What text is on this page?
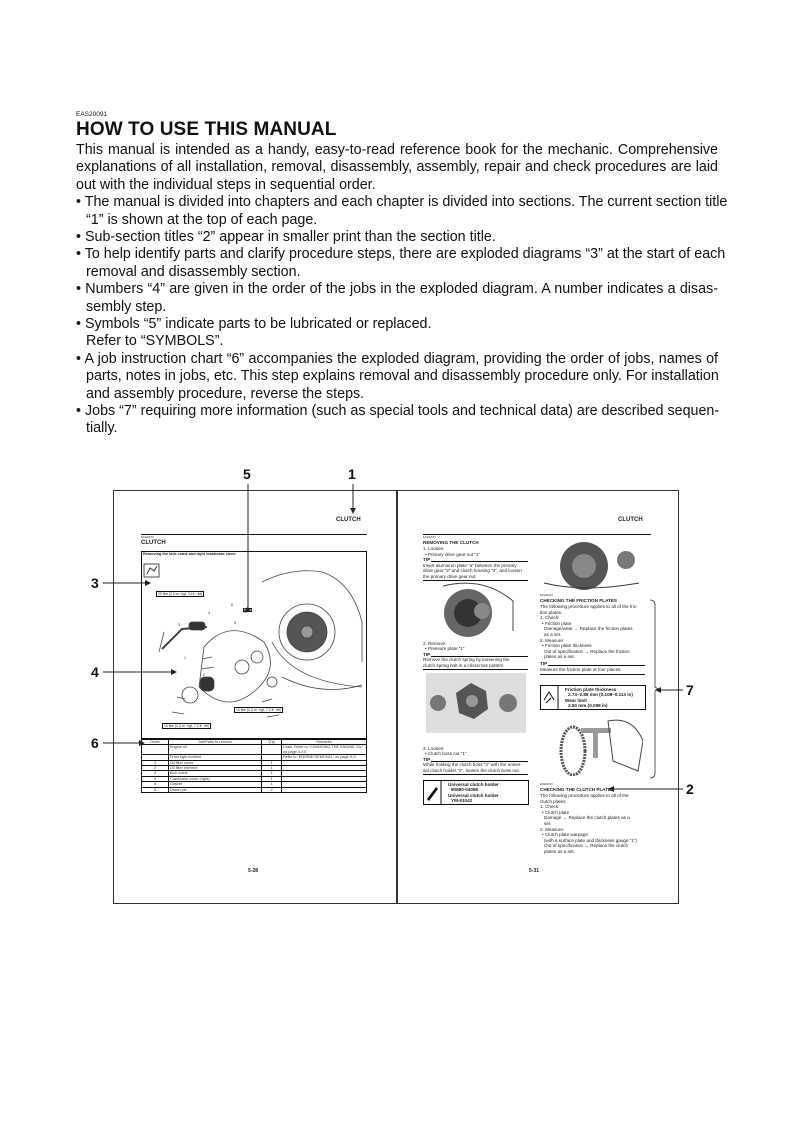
EAS20091
HOW TO USE THIS MANUAL
This manual is intended as a handy, easy-to-read reference book for the mechanic. Comprehensive
explanations of all installation, removal, disassembly, assembly, repair and check procedures are laid
out with the individual steps in sequential order.
• The manual is divided into chapters and each chapter is divided into sections. The current section title
“1” is shown at the top of each page.
• Sub-section titles “2” appear in smaller print than the section title.
• To help identify parts and clarify procedure steps, there are exploded diagrams “3” at the start of each
removal and disassembly section.
• Numbers “4” are given in the order of the jobs in the exploded diagram. A number indicates a disas-
sembly step.
• Symbols “5” indicate parts to be lubricated or replaced.
Refer to “SYMBOLS”.
• A job instruction chart “6” accompanies the exploded diagram, providing the order of jobs, names of
parts, notes in jobs, etc. This step explains removal and disassembly procedure only. For installation
and assembly procedure, reverse the steps.
• Jobs “7” requiring more information (such as special tools and technical data) are described sequen-
tially.
CLUTCH
EAS20XXX
CLUTCH
Removing the kick crank and right crankcase cover
1
2
3
4
5
6
20 Nm (2.0 m · kgf, 14 ft · lbf)
10 Nm (1.0 m · kgf, 7.2 ft · lbf)
10 Nm (1.0 m · kgf, 7.2 ft · lbf)
New
Order	Job/Parts to remove	Q'ty	Remarks
	Engine oil		Drain. Refer to “CHANGING THE ENGINE OIL” on page 3-XX.
	Front right footrest		Refer to “ENGINE REMOVAL” on page 5-X.
1	Oil filter cover	1	
2	Oil filter element	1	
3	Kick crank	1	
4	Crankcase cover (right)	1	
5	Gasket	1	
6	Dowel pin	2	
5-28
CLUTCH
EAS20XXX
REMOVING THE CLUTCH
1. Loosen:
• Primary drive gear nut “1”
TIP
Insert aluminum plate “a” between the primary
drive gear “2” and clutch housing “3”, and loosen
the primary drive gear nut.
2. Remove:
• Pressure plate “1”
TIP
Remove the clutch spring by loosening the
clutch spring bolt in a crisscross pattern.
3. Loosen:
• Clutch boss nut “1”
TIP
While holding the clutch boss “3” with the univer-
sal clutch holder “2”, loosen the clutch boss nut.
Universal clutch holder
90890-04086
Universal clutch holder
YM-91042
EAS20XXX
CHECKING THE FRICTION PLATES
The following procedure applies to all of the fric-
tion plates.
1. Check:
• Friction plate
Damage/wear → Replace the friction plates
as a set.
2. Measure:
• Friction plate thickness
Out of specification → Replace the friction
plates as a set.
TIP
Measure the friction plate at four places.
Friction plate thickness
2.74–2.86 mm (0.108–0.113 in)
Wear limit
2.50 mm (0.098 in)
EAS20XXX
CHECKING THE CLUTCH PLATES
The following procedure applies to all of the
clutch plates.
1. Check:
• Clutch plate
Damage → Replace the clutch plates as a
set.
2. Measure:
• Clutch plate warpage
(with a surface plate and thickness gauge “1”)
Out of specification → Replace the clutch
plates as a set.
5-31
5	1
3
4
6
7
2
